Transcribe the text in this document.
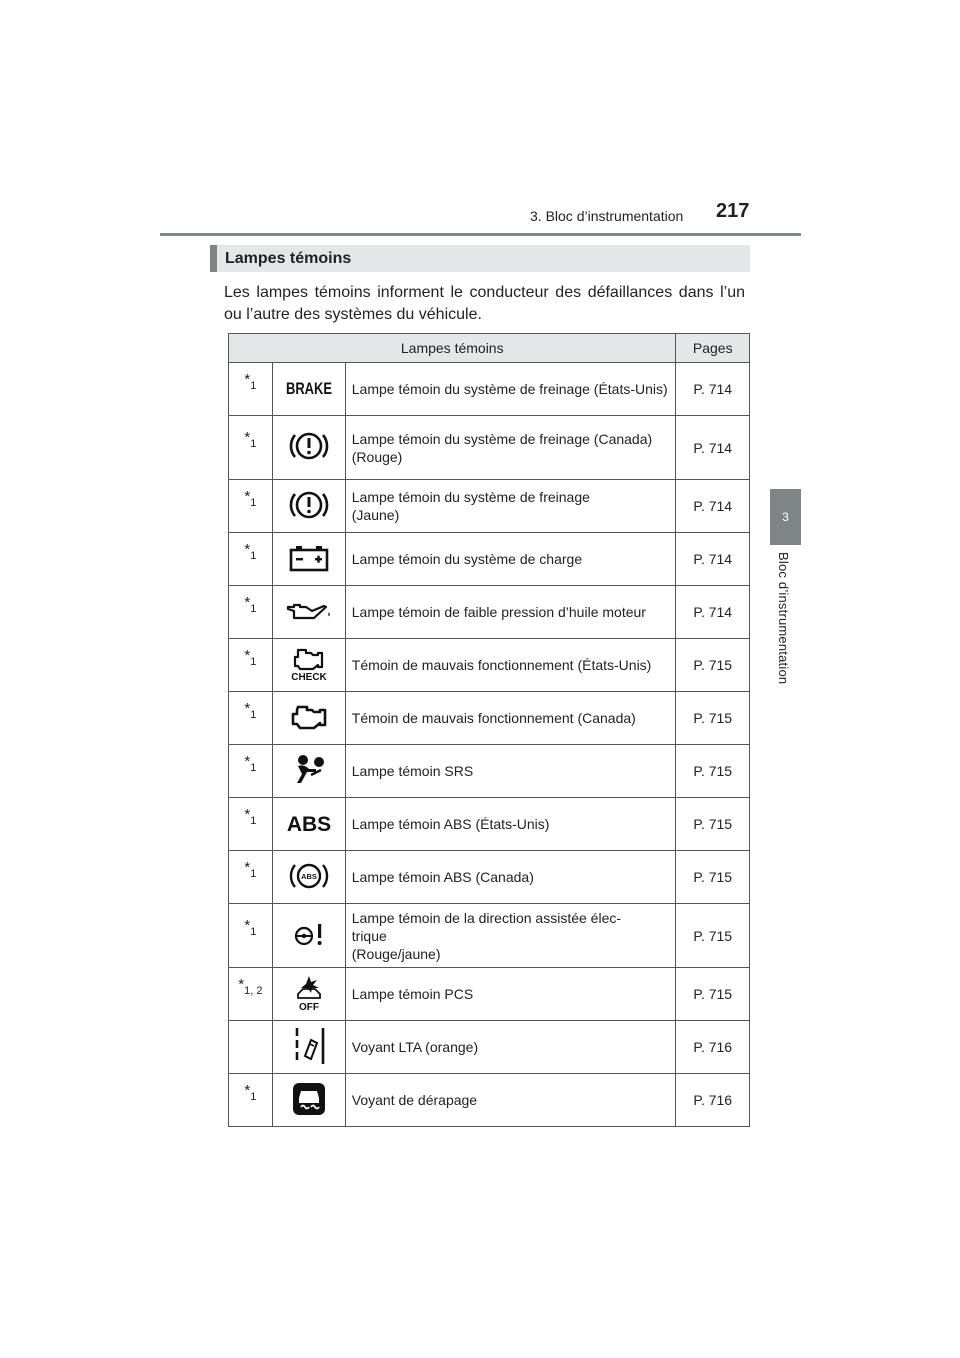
3. Bloc d’instrumentation 217
3
Bloc d’instrumentation
Lampes témoins
Les lampes témoins informent le conducteur des défaillances dans l’un ou l’autre des systèmes du véhicule.
Lampes témoins			Pages
*1	BRAKE	Lampe témoin du système de freinage (États-Unis)	P. 714
*1		Lampe témoin du système de freinage (Canada)
(Rouge)	P. 714
*1		Lampe témoin du système de freinage
(Jaune)	P. 714
*1		Lampe témoin du système de charge	P. 714
*1		Lampe témoin de faible pression d’huile moteur	P. 714
*1	CHECK	Témoin de mauvais fonctionnement (États-Unis)	P. 715
*1		Témoin de mauvais fonctionnement (Canada)	P. 715
*1		Lampe témoin SRS	P. 715
*1	ABS	Lampe témoin ABS (États-Unis)	P. 715
*1	ABS	Lampe témoin ABS (Canada)	P. 715
*1		Lampe témoin de la direction assistée élec-
trique
(Rouge/jaune)	P. 715
*1, 2	OFF	Lampe témoin PCS	P. 715

	Voyant LTA (orange)	P. 716
*1		Voyant de dérapage	P. 716
